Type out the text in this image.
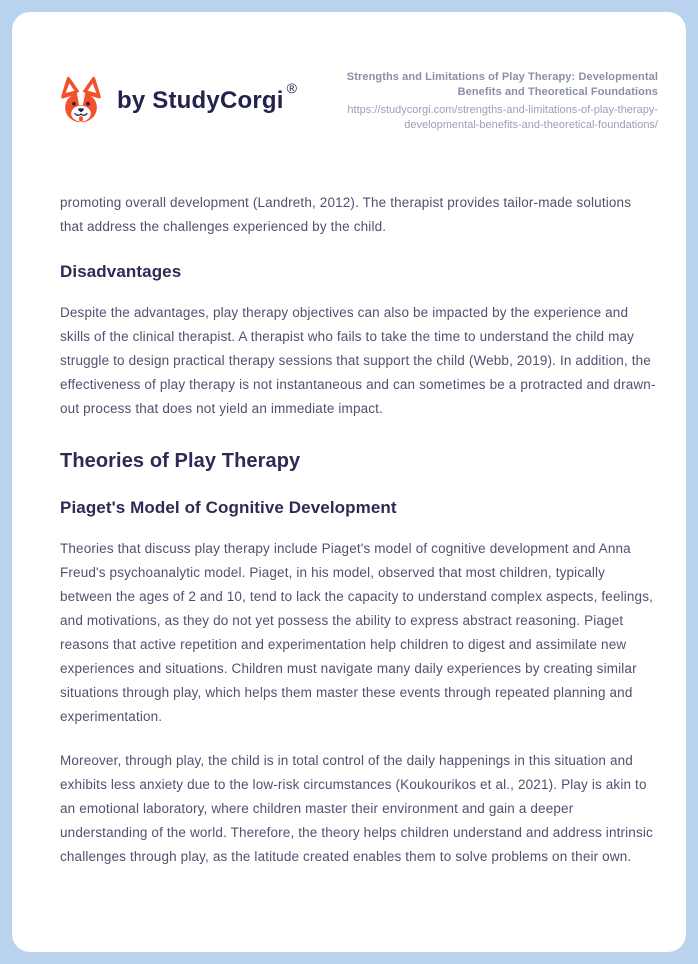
by StudyCorgi ®
Strengths and Limitations of Play Therapy: Developmental Benefits and Theoretical Foundations
https://studycorgi.com/strengths-and-limitations-of-play-therapy-developmental-benefits-and-theoretical-foundations/

promoting overall development (Landreth, 2012). The therapist provides tailor-made solutions that address the challenges experienced by the child.

Disadvantages

Despite the advantages, play therapy objectives can also be impacted by the experience and skills of the clinical therapist. A therapist who fails to take the time to understand the child may struggle to design practical therapy sessions that support the child (Webb, 2019). In addition, the effectiveness of play therapy is not instantaneous and can sometimes be a protracted and drawn-out process that does not yield an immediate impact.

Theories of Play Therapy
Piaget's Model of Cognitive Development

Theories that discuss play therapy include Piaget's model of cognitive development and Anna Freud's psychoanalytic model. Piaget, in his model, observed that most children, typically between the ages of 2 and 10, tend to lack the capacity to understand complex aspects, feelings, and motivations, as they do not yet possess the ability to express abstract reasoning. Piaget reasons that active repetition and experimentation help children to digest and assimilate new experiences and situations. Children must navigate many daily experiences by creating similar situations through play, which helps them master these events through repeated planning and experimentation.

Moreover, through play, the child is in total control of the daily happenings in this situation and exhibits less anxiety due to the low-risk circumstances (Koukourikos et al., 2021). Play is akin to an emotional laboratory, where children master their environment and gain a deeper understanding of the world. Therefore, the theory helps children understand and address intrinsic challenges through play, as the latitude created enables them to solve problems on their own.
